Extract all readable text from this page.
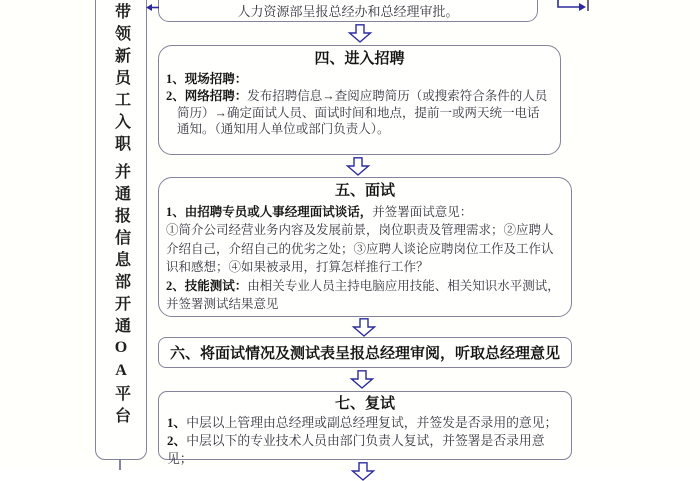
带领新员工入职
并通报信息部开通OA平台

人力资源部呈报总经办和总经理审批。

四、进入招聘

1、现场招聘：

2、网络招聘：发布招聘信息→查阅应聘简历（或搜索符合条件的人员简历）→确定面试人员、面试时间和地点，提前一或两天统一电话通知。（通知用人单位或部门负责人）。

五、面试

1、由招聘专员或人事经理面试谈话，并签署面试意见：

①简介公司经营业务内容及发展前景，岗位职责及管理需求；②应聘人介绍自己，介绍自己的优劣之处；③应聘人谈论应聘岗位工作及工作认识和感想；④如果被录用，打算怎样推行工作？

2、技能测试：由相关专业人员主持电脑应用技能、相关知识水平测试，并签署测试结果意见

六、将面试情况及测试表呈报总经理审阅，听取总经理意见

七、复试

1、中层以上管理由总经理或副总经理复试，并签发是否录用的意见；

2、中层以下的专业技术人员由部门负责人复试，并签署是否录用意见；
